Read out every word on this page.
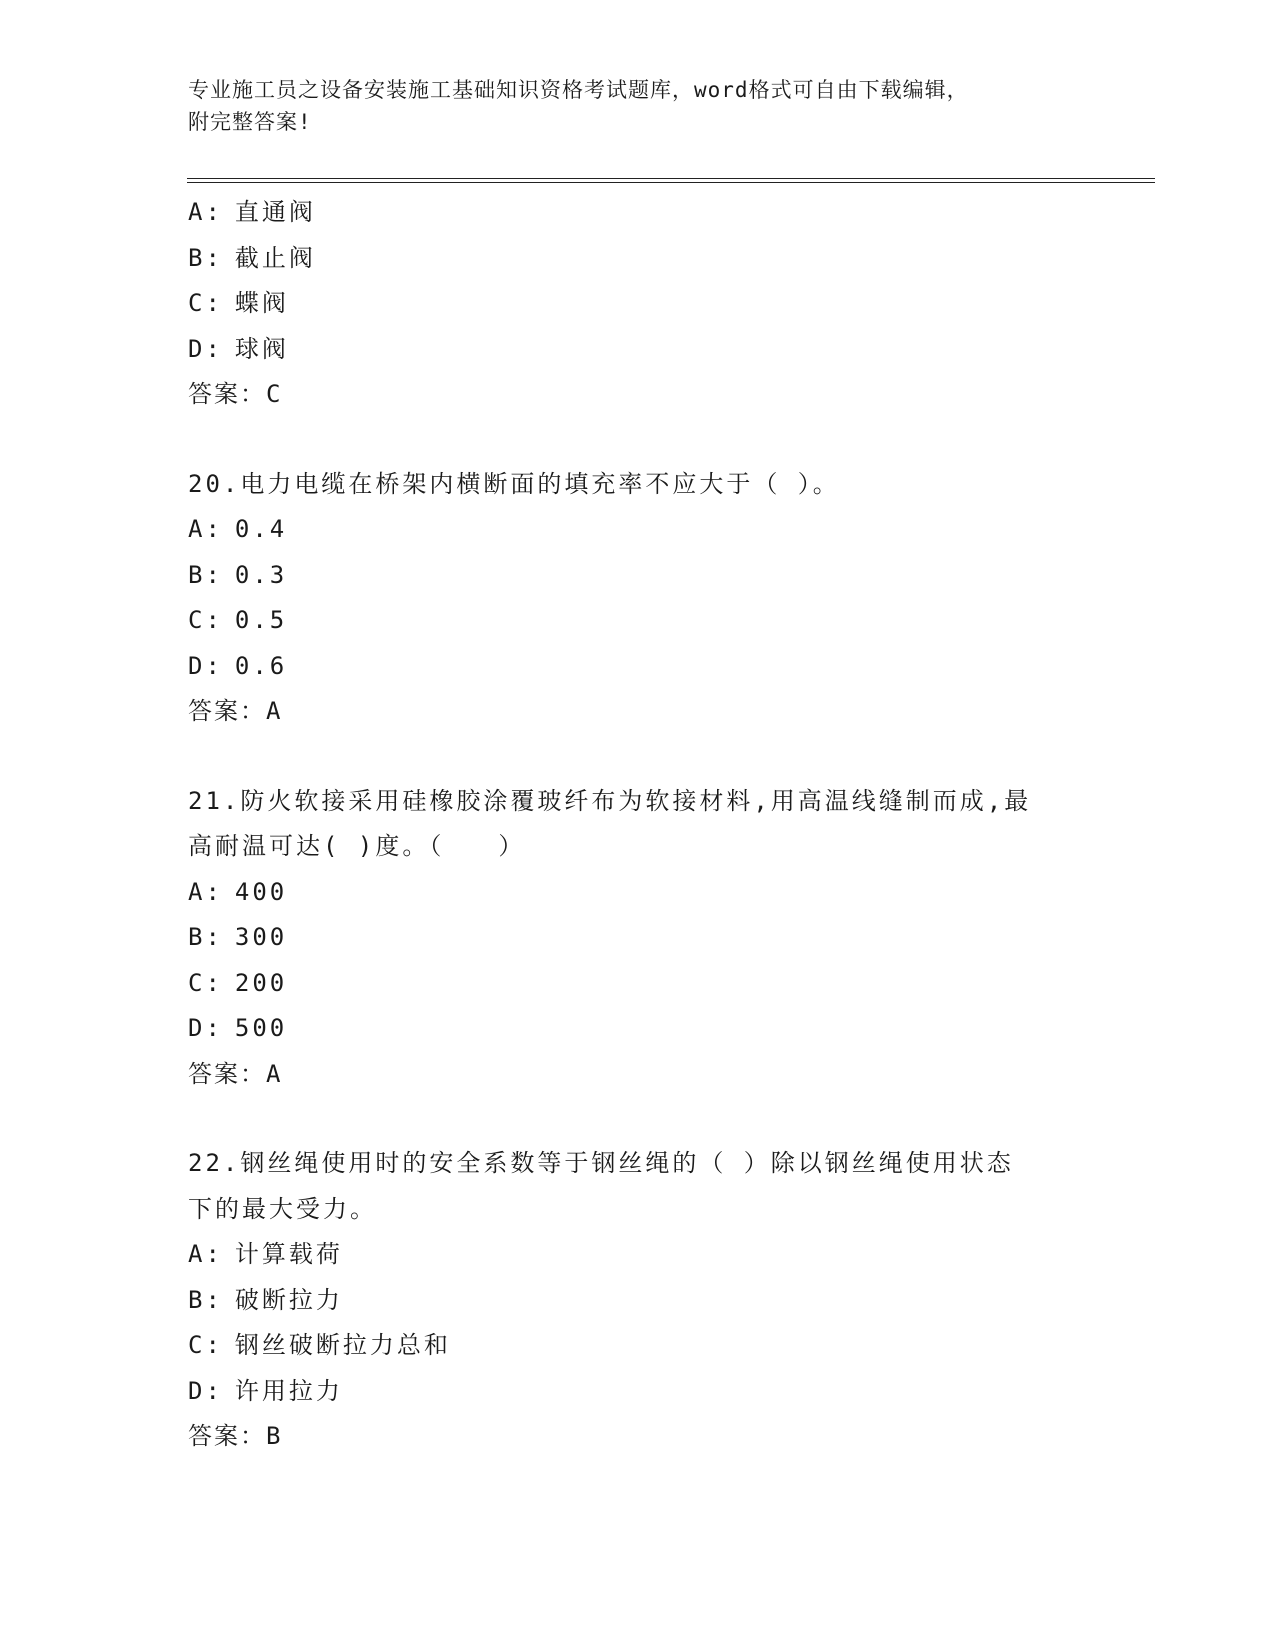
专业施工员之设备安装施工基础知识资格考试题库，word格式可自由下载编辑，
附完整答案!
A: 直通阀
B: 截止阀
C: 蝶阀
D: 球阀
答案：C
20.电力电缆在桥架内横断面的填充率不应大于（ ）。
A: 0.4
B: 0.3
C: 0.5
D: 0.6
答案：A
21.防火软接采用硅橡胶涂覆玻纤布为软接材料,用高温线缝制而成,最
高耐温可达( )度。（　　）
A: 400
B: 300
C: 200
D: 500
答案：A
22.钢丝绳使用时的安全系数等于钢丝绳的（ ）除以钢丝绳使用状态
下的最大受力。
A: 计算载荷
B: 破断拉力
C: 钢丝破断拉力总和
D: 许用拉力
答案：B
